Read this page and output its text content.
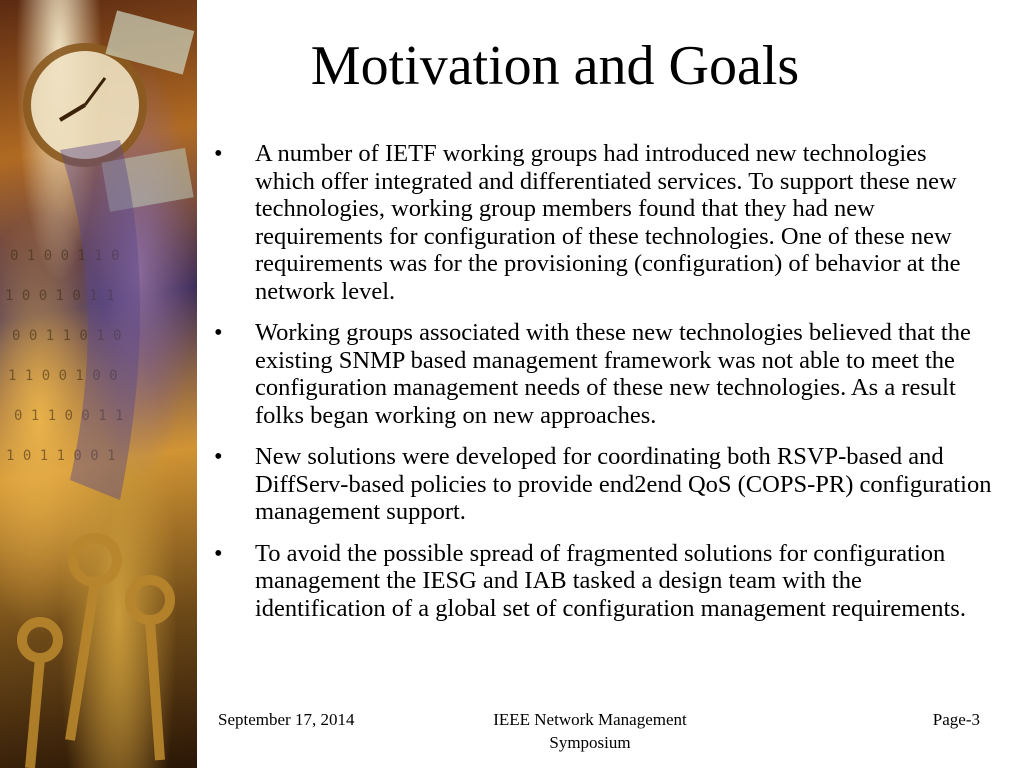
0 1 0 0 1 1 0
1 0 0 1 0 1 1
0 0 1 1 0 1 0
1 1 0 0 1 0 0
0 1 1 0 0 1 1
1 0 1 1 0 0 1
Motivation and Goals
• A number of IETF working groups had introduced new technologies which offer integrated and differentiated services. To support these new technologies, working group members found that they had new requirements for configuration of these technologies. One of these new requirements was for the provisioning (configuration) of behavior at the network level.
• Working groups associated with these new technologies believed that the existing SNMP based management framework was not able to meet the configuration management needs of these new technologies. As a result folks began working on new approaches.
• New solutions were developed for coordinating both RSVP-based and DiffServ-based policies to provide end2end QoS (COPS-PR) configuration management support.
• To avoid the possible spread of fragmented solutions for configuration management the IESG and IAB tasked a design team with the identification of a global set of configuration management requirements.
September 17, 2014	IEEE Network Management Symposium
Page-3
